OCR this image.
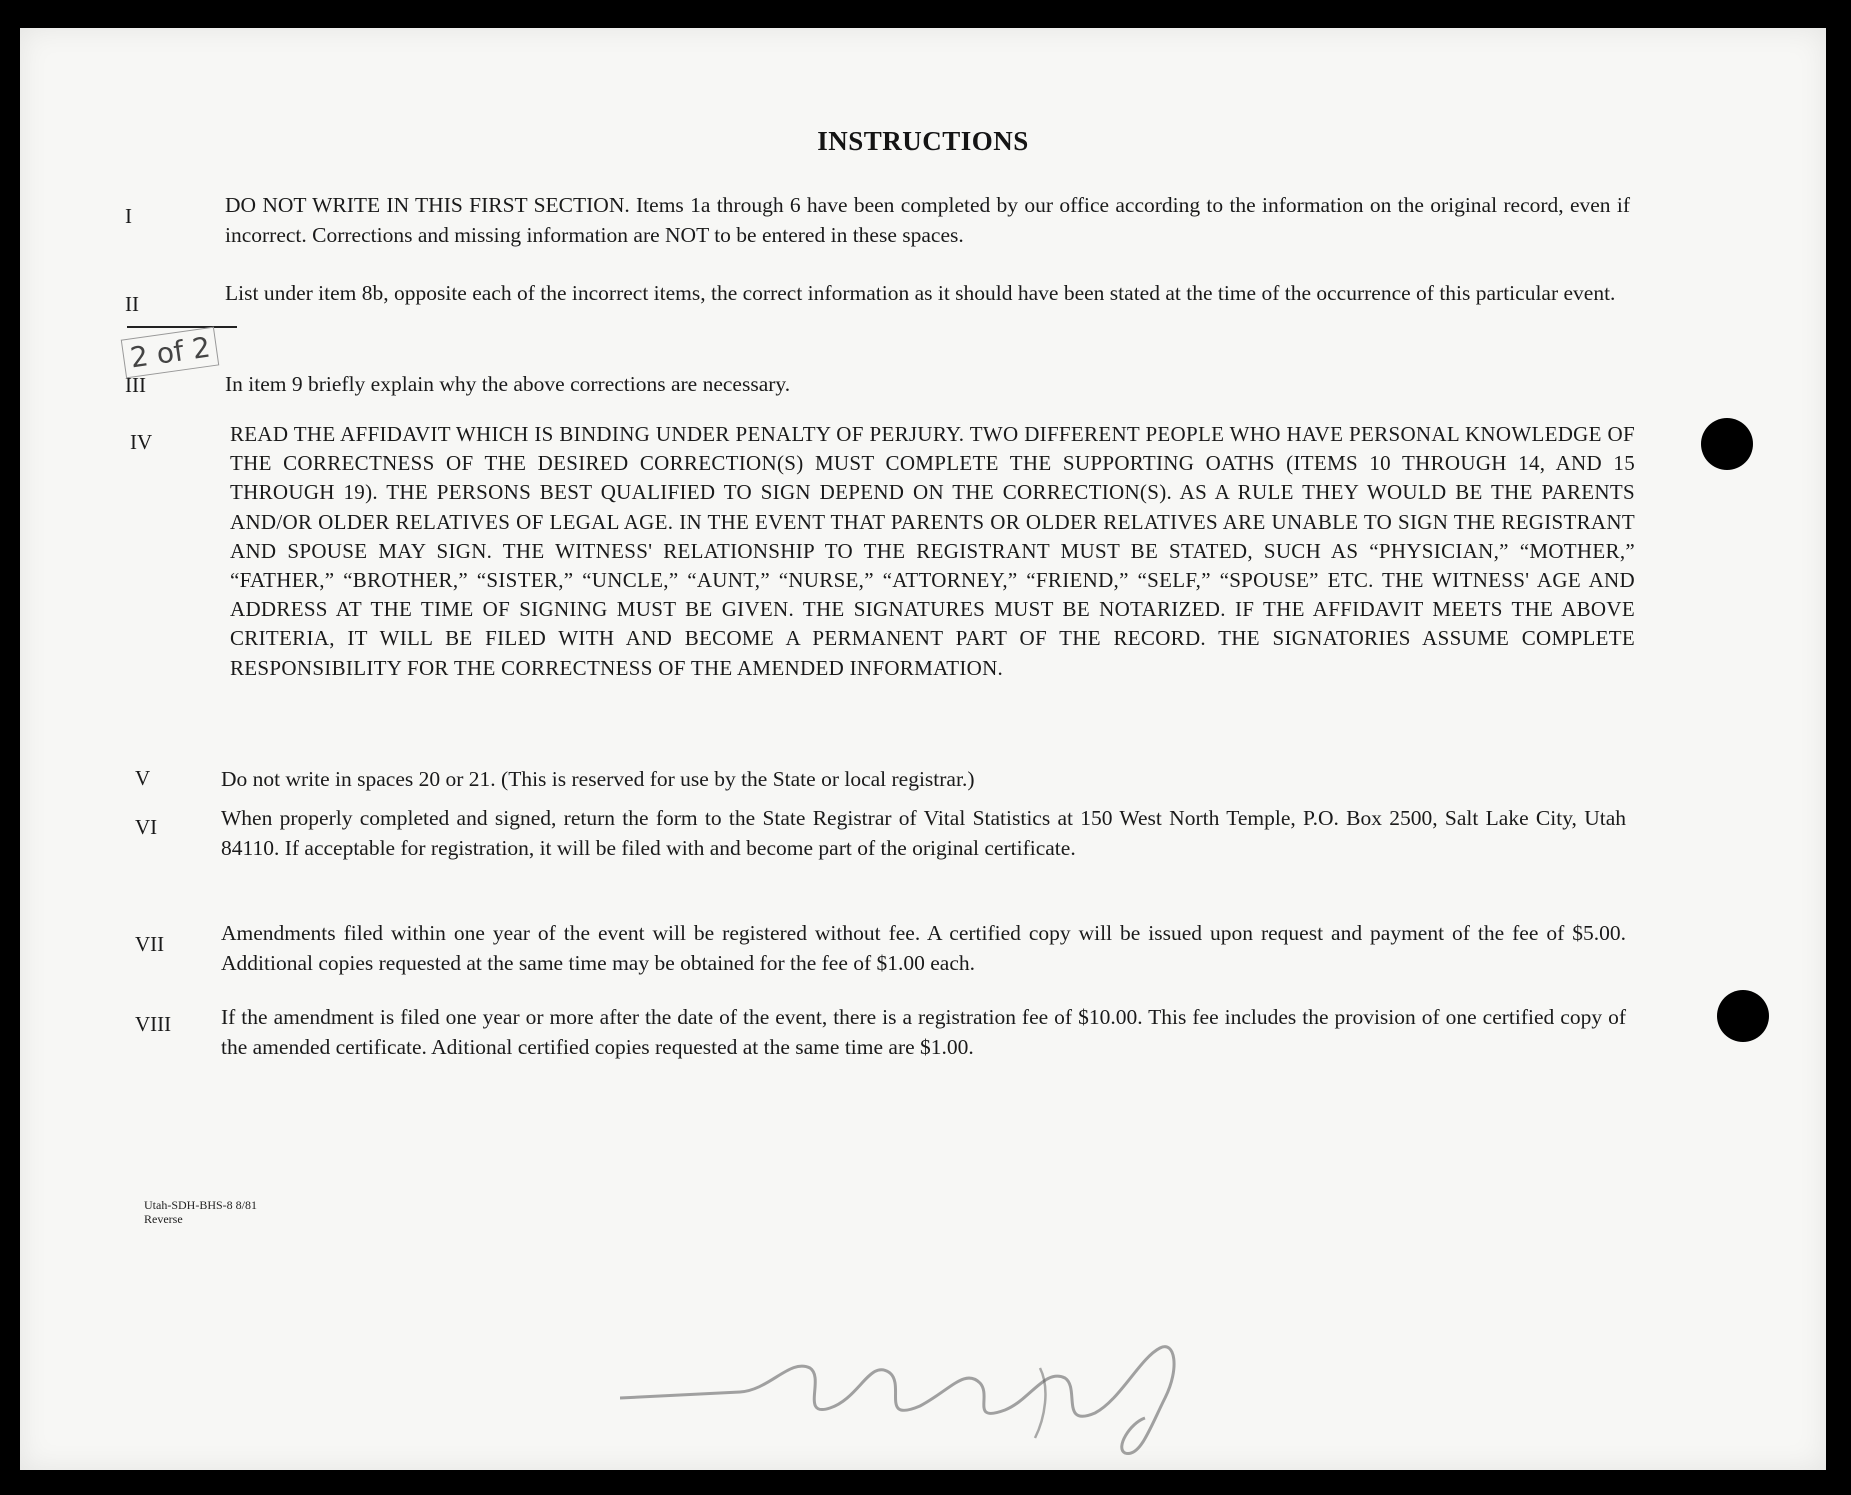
INSTRUCTIONS
I	DO NOT WRITE IN THIS FIRST SECTION. Items 1a through 6 have been completed by our office according to the information on the original record, even if incorrect. Corrections and missing information are NOT to be entered in these spaces.
II	List under item 8b, opposite each of the incorrect items, the correct information as it should have been stated at the time of the occurrence of this particular event.
III	In item 9 briefly explain why the above corrections are necessary.
IV	READ THE AFFIDAVIT WHICH IS BINDING UNDER PENALTY OF PERJURY. TWO DIFFERENT PEOPLE WHO HAVE PERSONAL KNOWLEDGE OF THE CORRECTNESS OF THE DESIRED CORRECTION(S) MUST COMPLETE THE SUPPORTING OATHS (ITEMS 10 THROUGH 14, AND 15 THROUGH 19). THE PERSONS BEST QUALIFIED TO SIGN DEPEND ON THE CORRECTION(S). AS A RULE THEY WOULD BE THE PARENTS AND/OR OLDER RELATIVES OF LEGAL AGE. IN THE EVENT THAT PARENTS OR OLDER RELATIVES ARE UNABLE TO SIGN THE REGISTRANT AND SPOUSE MAY SIGN. THE WITNESS' RELATIONSHIP TO THE REGISTRANT MUST BE STATED, SUCH AS “PHYSICIAN,” “MOTHER,” “FATHER,” “BROTHER,” “SISTER,” “UNCLE,” “AUNT,” “NURSE,” “ATTORNEY,” “FRIEND,” “SELF,” “SPOUSE” ETC. THE WITNESS' AGE AND ADDRESS AT THE TIME OF SIGNING MUST BE GIVEN. THE SIGNATURES MUST BE NOTARIZED. IF THE AFFIDAVIT MEETS THE ABOVE CRITERIA, IT WILL BE FILED WITH AND BECOME A PERMANENT PART OF THE RECORD. THE SIGNATORIES ASSUME COMPLETE RESPONSIBILITY FOR THE CORRECTNESS OF THE AMENDED INFORMATION.
V	Do not write in spaces 20 or 21. (This is reserved for use by the State or local registrar.)
VI	When properly completed and signed, return the form to the State Registrar of Vital Statistics at 150 West North Temple, P.O. Box 2500, Salt Lake City, Utah 84110. If acceptable for registration, it will be filed with and become part of the original certificate.
VII	Amendments filed within one year of the event will be registered without fee. A certified copy will be issued upon request and payment of the fee of $5.00. Additional copies requested at the same time may be obtained for the fee of $1.00 each.
VIII	If the amendment is filed one year or more after the date of the event, there is a registration fee of $10.00. This fee includes the provision of one certified copy of the amended certificate. Aditional certified copies requested at the same time are $1.00.
2 of 2
Utah-SDH-BHS-8 8/81
Reverse
